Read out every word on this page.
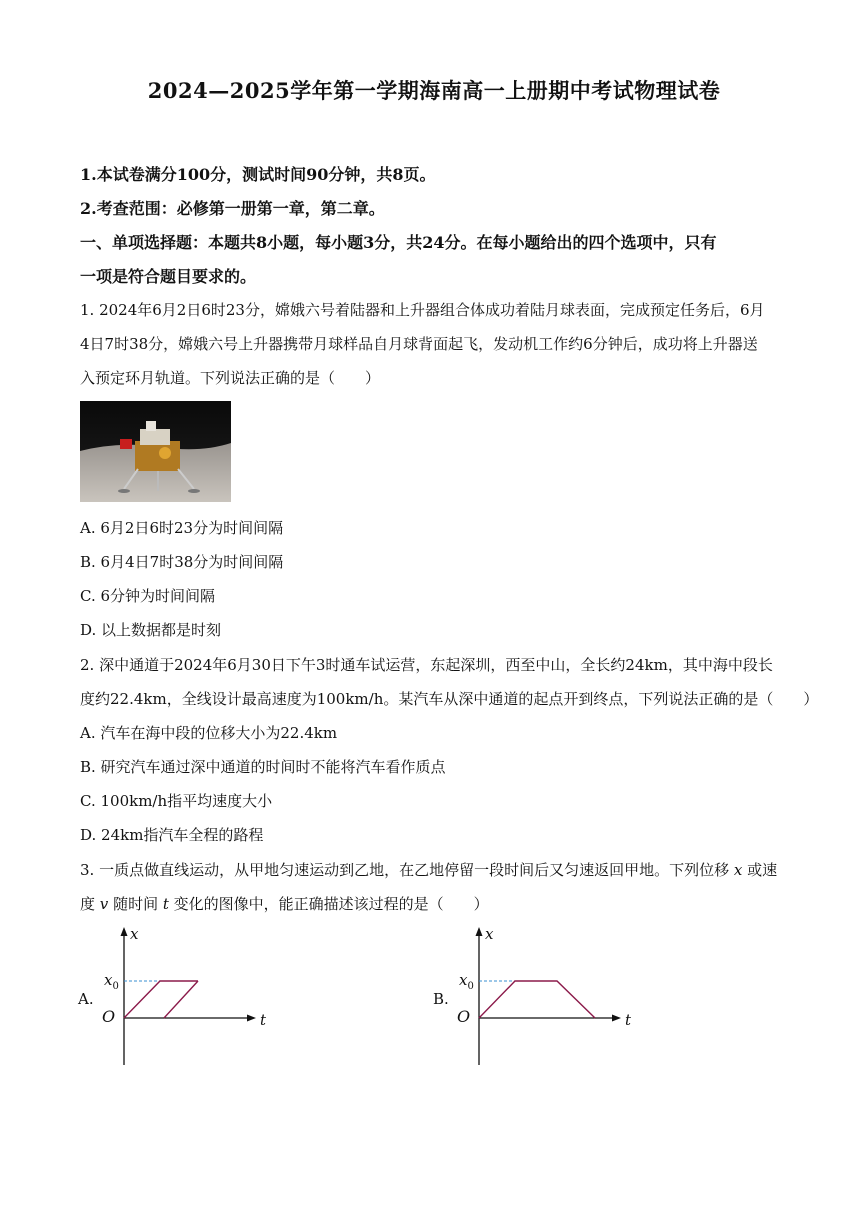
2024—2025学年第一学期海南高一上册期中考试物理试卷
1.本试卷满分100分，测试时间90分钟，共8页。
2.考查范围：必修第一册第一章，第二章。
一、单项选择题：本题共8小题，每小题3分，共24分。在每小题给出的四个选项中，只有
一项是符合题目要求的。
1. 2024年6月2日6时23分，嫦娥六号着陆器和上升器组合体成功着陆月球表面，完成预定任务后，6月
4日7时38分，嫦娥六号上升器携带月球样品自月球背面起飞，发动机工作约6分钟后，成功将上升器送
入预定环月轨道。下列说法正确的是（　　）
A. 6月2日6时23分为时间间隔
B. 6月4日7时38分为时间间隔
C. 6分钟为时间间隔
D. 以上数据都是时刻
2. 深中通道于2024年6月30日下午3时通车试运营，东起深圳，西至中山，全长约24km，其中海中段长
度约22.4km，全线设计最高速度为100km/h。某汽车从深中通道的起点开到终点，下列说法正确的是（　　）
A. 汽车在海中段的位移大小为22.4km
B. 研究汽车通过深中通道的时间时不能将汽车看作质点
C. 100km/h指平均速度大小
D. 24km指汽车全程的路程
3. 一质点做直线运动，从甲地匀速运动到乙地，在乙地停留一段时间后又匀速返回甲地。下列位移 x 或速
度 v 随时间 t 变化的图像中，能正确描述该过程的是（　　）
A.
x
t
O
$x_0$
B.
x
t
O
$x_0$
